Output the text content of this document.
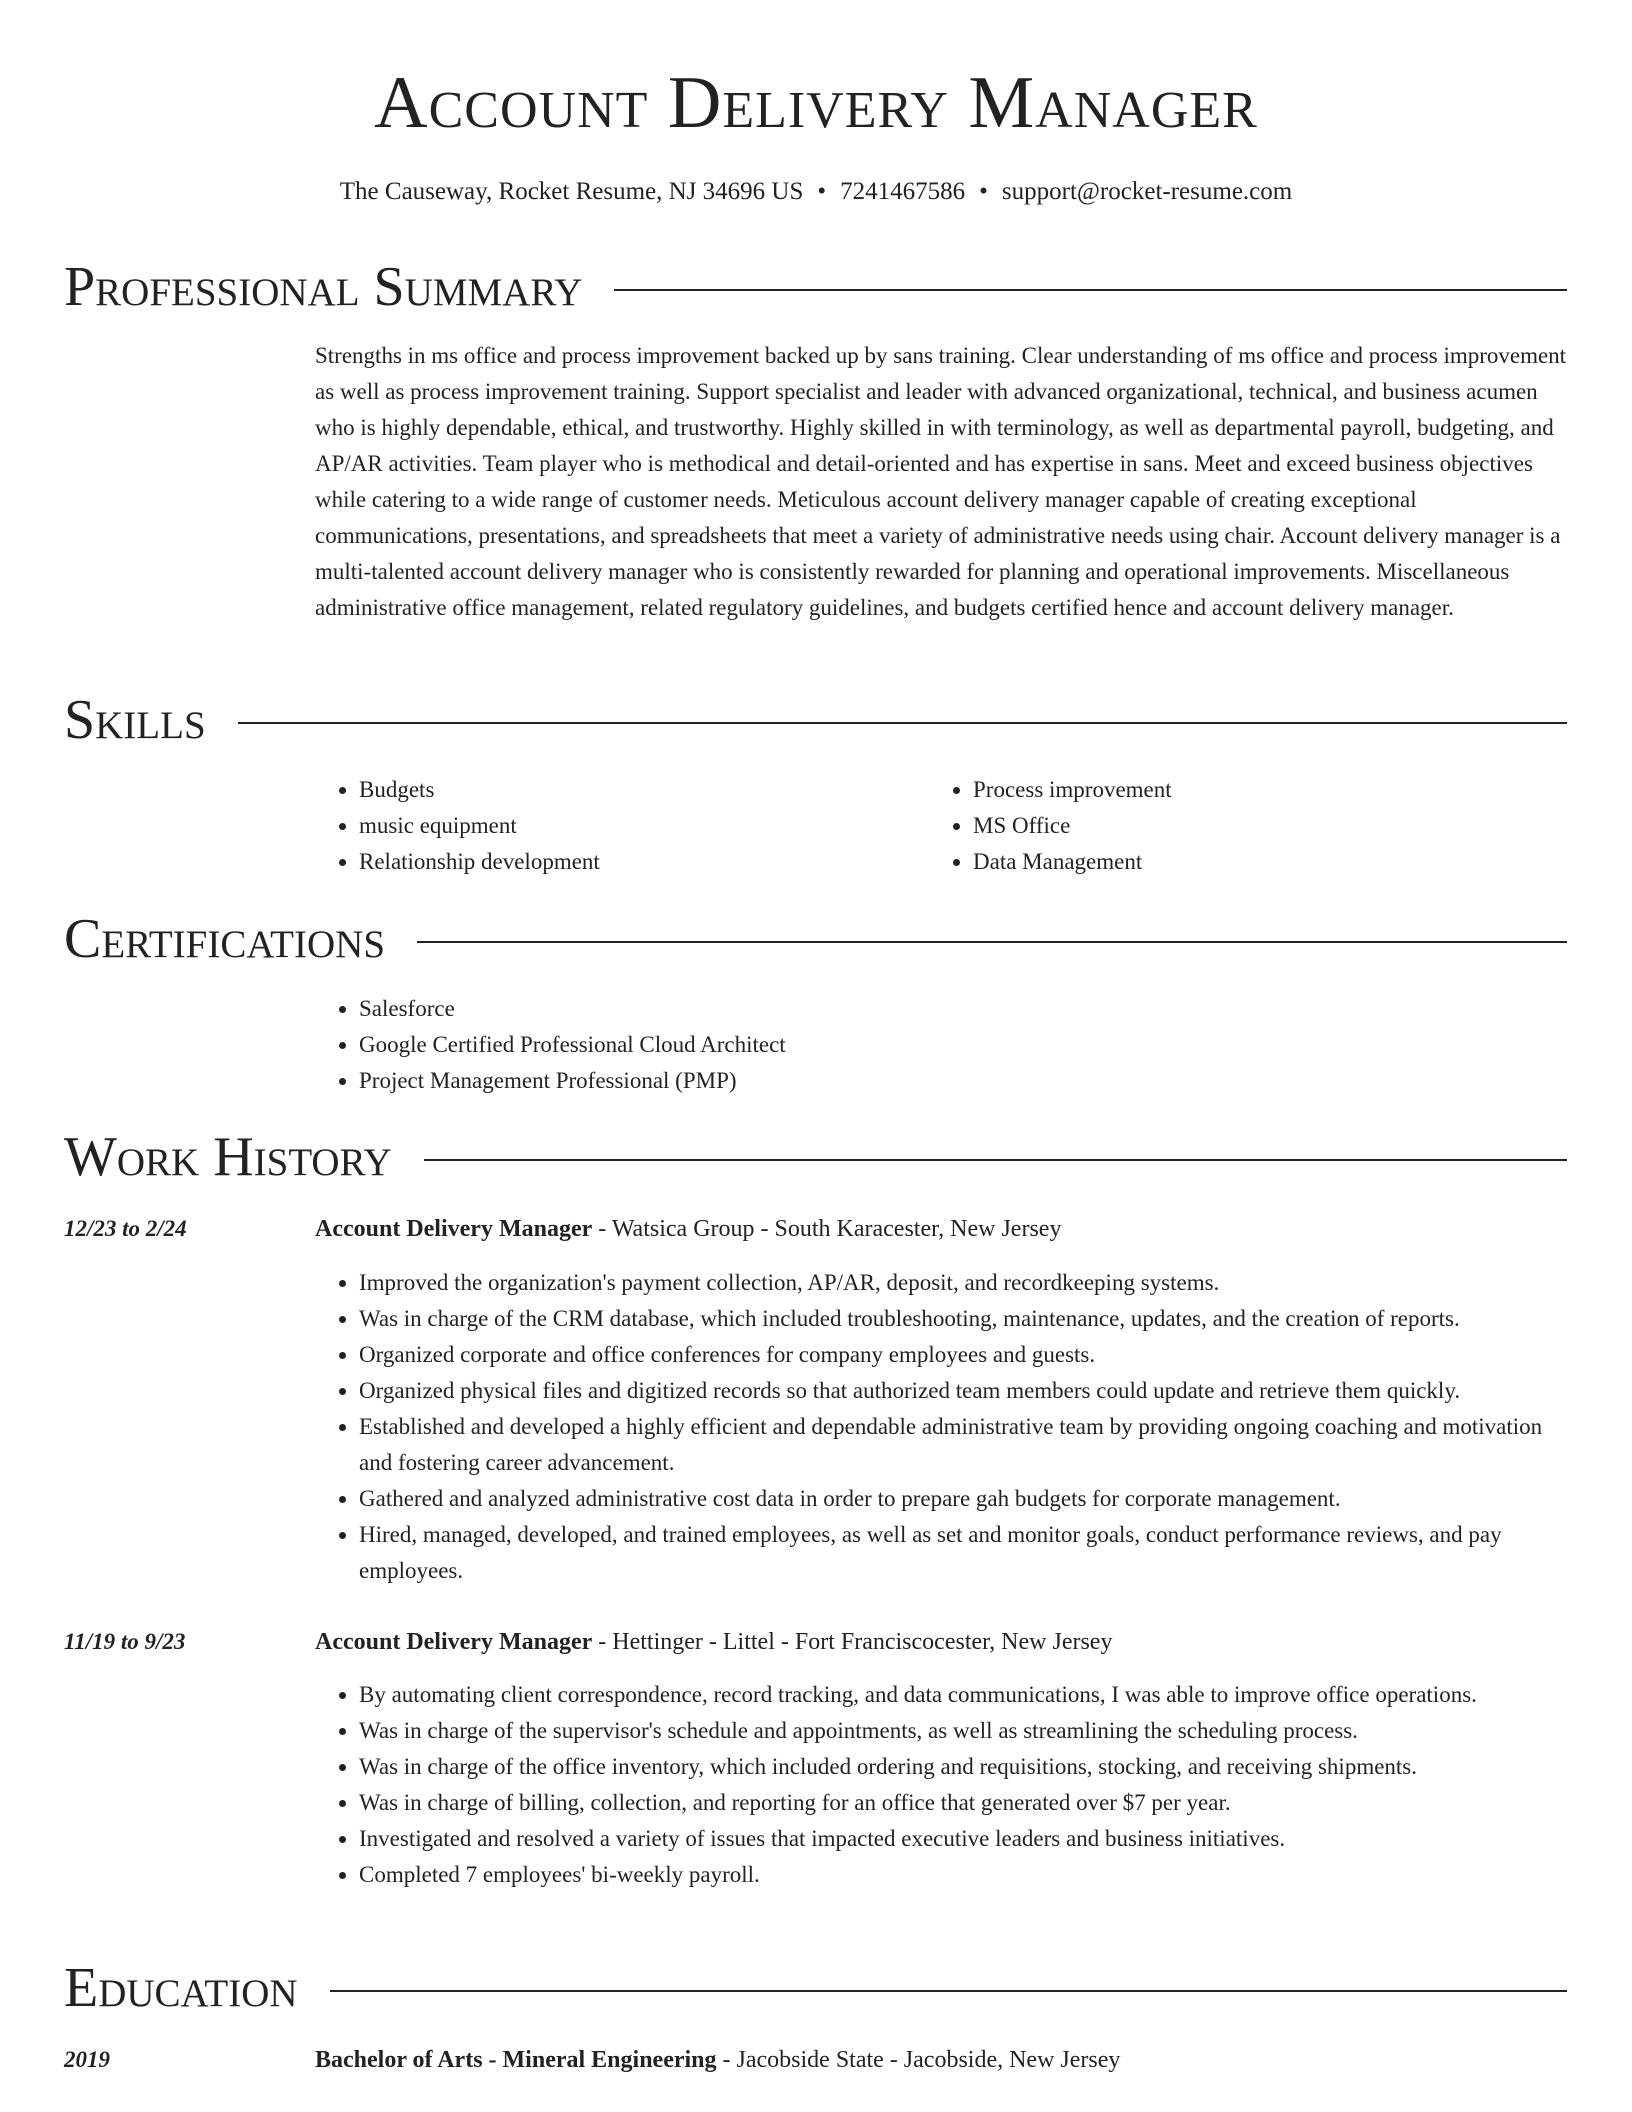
Account Delivery Manager
The Causeway, Rocket Resume, NJ 34696 US • 7241467586 • support@rocket-resume.com
Professional Summary

Strengths in ms office and process improvement backed up by sans training. Clear understanding of ms office and process improvement as well as process improvement training. Support specialist and leader with advanced organizational, technical, and business acumen who is highly dependable, ethical, and trustworthy. Highly skilled in with terminology, as well as departmental payroll, budgeting, and AP/AR activities. Team player who is methodical and detail-oriented and has expertise in sans. Meet and exceed business objectives while catering to a wide range of customer needs. Meticulous account delivery manager capable of creating exceptional communications, presentations, and spreadsheets that meet a variety of administrative needs using chair. Account delivery manager is a multi-talented account delivery manager who is consistently rewarded for planning and operational improvements. Miscellaneous administrative office management, related regulatory guidelines, and budgets certified hence and account delivery manager.

Skills
• Budgets
• music equipment
• Relationship development
• Process improvement
• MS Office
• Data Management
Certifications
• Salesforce
• Google Certified Professional Cloud Architect
• Project Management Professional (PMP)
Work History
12/23 to 2/24	Account Delivery Manager - Watsica Group - South Karacester, New Jersey
• Improved the organization's payment collection, AP/AR, deposit, and recordkeeping systems.
• Was in charge of the CRM database, which included troubleshooting, maintenance, updates, and the creation of reports.
• Organized corporate and office conferences for company employees and guests.
• Organized physical files and digitized records so that authorized team members could update and retrieve them quickly.
• Established and developed a highly efficient and dependable administrative team by providing ongoing coaching and motivation and fostering career advancement.
• Gathered and analyzed administrative cost data in order to prepare gah budgets for corporate management.
• Hired, managed, developed, and trained employees, as well as set and monitor goals, conduct performance reviews, and pay employees.
11/19 to 9/23	Account Delivery Manager - Hettinger - Littel - Fort Franciscocester, New Jersey
• By automating client correspondence, record tracking, and data communications, I was able to improve office operations.
• Was in charge of the supervisor's schedule and appointments, as well as streamlining the scheduling process.
• Was in charge of the office inventory, which included ordering and requisitions, stocking, and receiving shipments.
• Was in charge of billing, collection, and reporting for an office that generated over $7 per year.
• Investigated and resolved a variety of issues that impacted executive leaders and business initiatives.
• Completed 7 employees' bi-weekly payroll.
Education
2019	Bachelor of Arts - Mineral Engineering - Jacobside State - Jacobside, New Jersey
